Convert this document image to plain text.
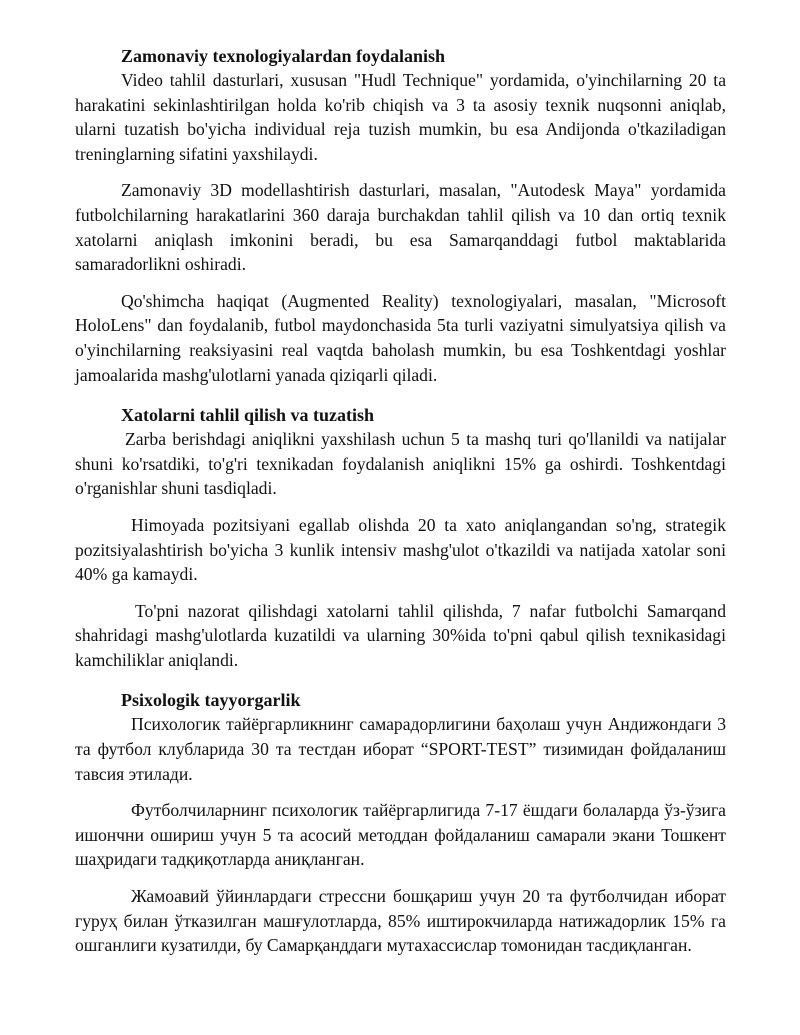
Zamonaviy texnologiyalardan foydalanish

Video tahlil dasturlari, xususan "Hudl Technique" yordamida, o'yinchilarning 20 ta harakatini sekinlashtirilgan holda ko'rib chiqish va 3 ta asosiy texnik nuqsonni aniqlab, ularni tuzatish bo'yicha individual reja tuzish mumkin, bu esa Andijonda o'tkaziladigan treninglarning sifatini yaxshilaydi.

Zamonaviy 3D modellashtirish dasturlari, masalan, "Autodesk Maya" yordamida futbolchilarning harakatlarini 360 daraja burchakdan tahlil qilish va 10 dan ortiq texnik xatolarni aniqlash imkonini beradi, bu esa Samarqanddagi futbol maktablarida samaradorlikni oshiradi.

Qo'shimcha haqiqat (Augmented Reality) texnologiyalari, masalan, "Microsoft HoloLens" dan foydalanib, futbol maydonchasida 5ta turli vaziyatni simulyatsiya qilish va o'yinchilarning reaksiyasini real vaqtda baholash mumkin, bu esa Toshkentdagi yoshlar jamoalarida mashg'ulotlarni yanada qiziqarli qiladi.

Xatolarni tahlil qilish va tuzatish

Zarba berishdagi aniqlikni yaxshilash uchun 5 ta mashq turi qo'llanildi va natijalar shuni ko'rsatdiki, to'g'ri texnikadan foydalanish aniqlikni 15% ga oshirdi. Toshkentdagi o'rganishlar shuni tasdiqladi.

Himoyada pozitsiyani egallab olishda 20 ta xato aniqlangandan so'ng, strategik pozitsiyalashtirish bo'yicha 3 kunlik intensiv mashg'ulot o'tkazildi va natijada xatolar soni 40% ga kamaydi.

To'pni nazorat qilishdagi xatolarni tahlil qilishda, 7 nafar futbolchi Samarqand shahridagi mashg'ulotlarda kuzatildi va ularning 30%ida to'pni qabul qilish texnikasidagi kamchiliklar aniqlandi.

Psixologik tayyorgarlik

Психологик тайёргарликнинг самарадорлигини баҳолаш учун Андижондаги 3 та футбол клубларида 30 та тестдан иборат “SPORT-TEST” тизимидан фойдаланиш тавсия этилади.

Футболчиларнинг психологик тайёргарлигида 7-17 ёшдаги болаларда ўз-ўзига ишончни ошириш учун 5 та асосий методдан фойдаланиш самарали экани Тошкент шаҳридаги тадқиқотларда аниқланган.

Жамоавий ўйинлардаги стрессни бошқариш учун 20 та футболчидан иборат гуруҳ билан ўтказилган машғулотларда, 85% иштирокчиларда натижадорлик 15% га ошганлиги кузатилди, бу Самарқанддаги мутахассислар томонидан тасдиқланган.
